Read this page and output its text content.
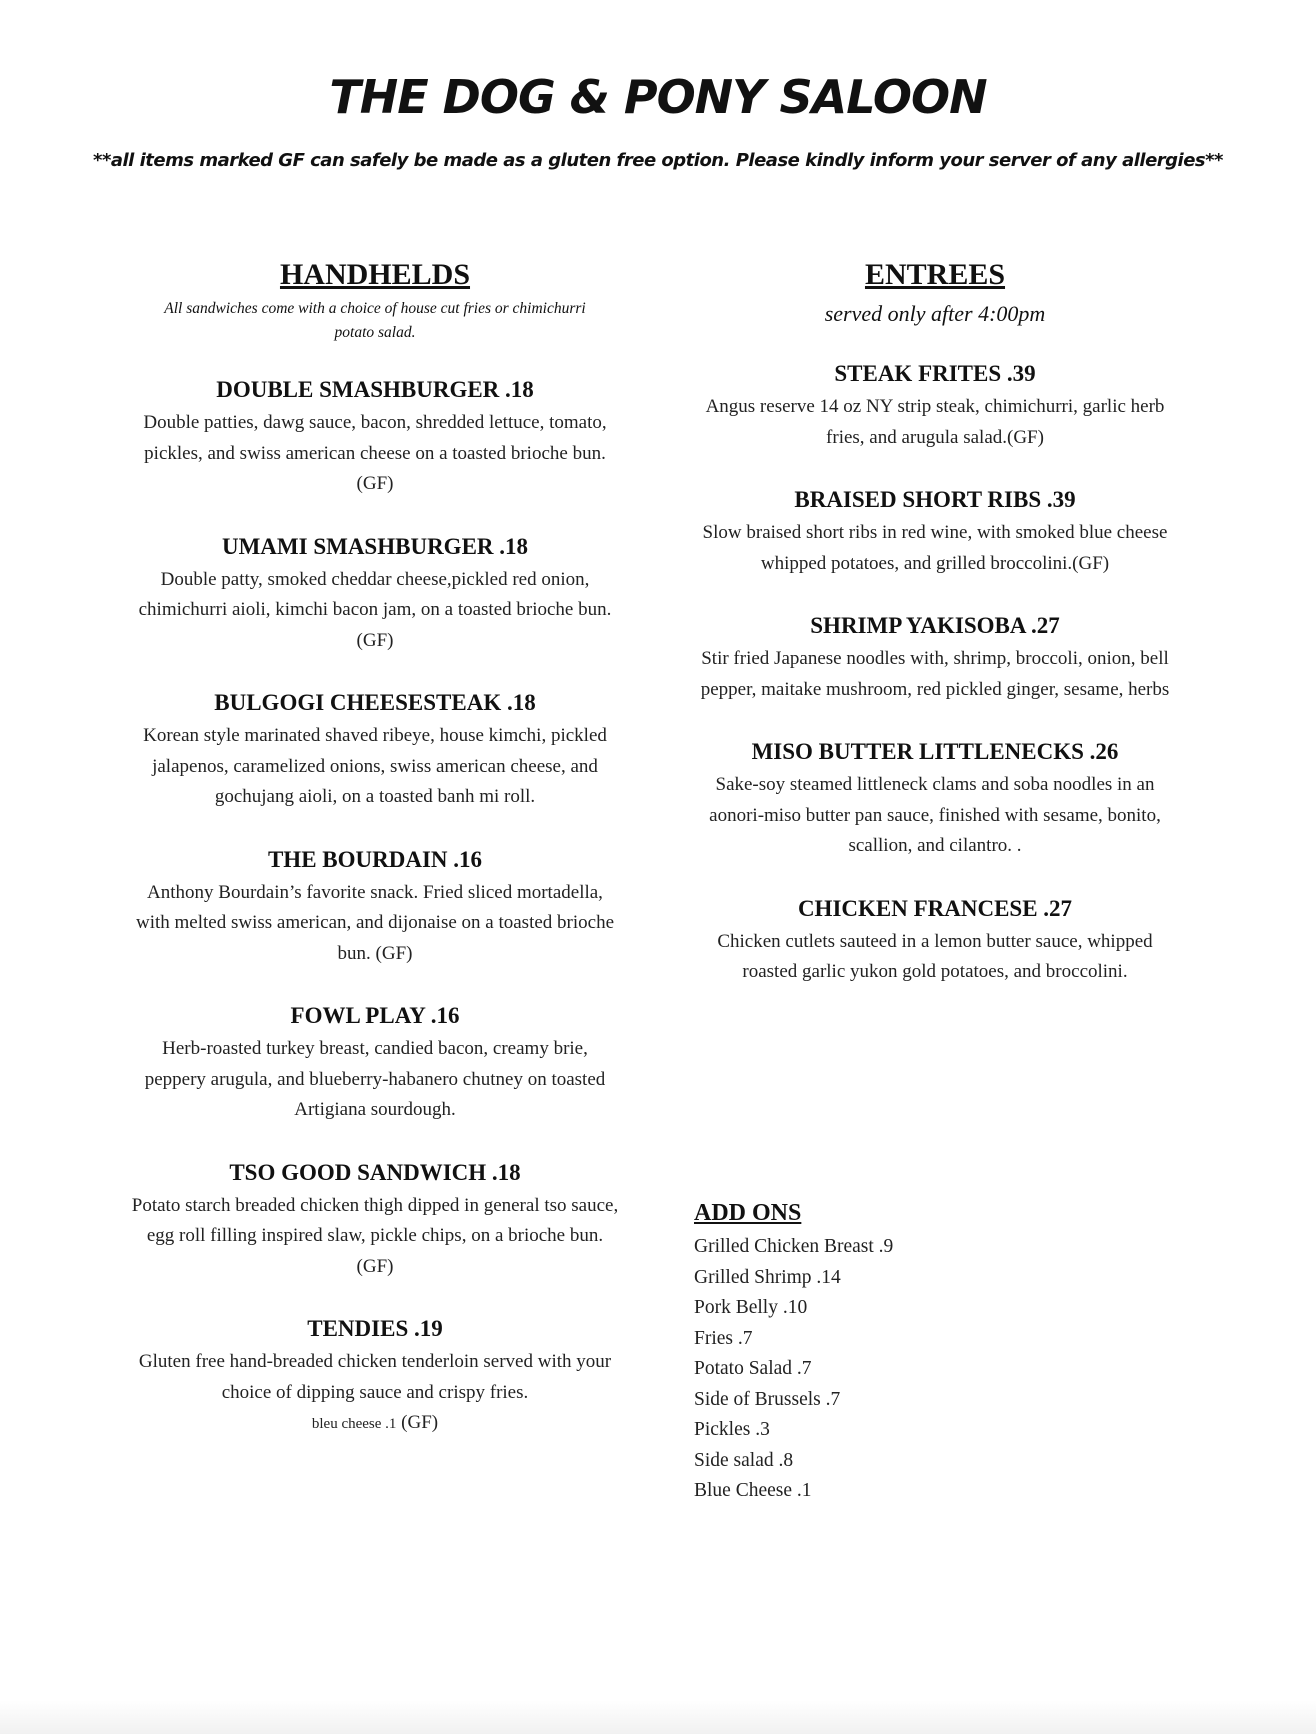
THE DOG & PONY SALOON

**all items marked GF can safely be made as a gluten free option. Please kindly inform your server of any allergies**

HANDHELDS

All sandwiches come with a choice of house cut fries or chimichurri potato salad.

DOUBLE SMASHBURGER .18

Double patties, dawg sauce, bacon, shredded lettuce, tomato, pickles, and swiss american cheese on a toasted brioche bun. (GF)

UMAMI SMASHBURGER .18

Double patty, smoked cheddar cheese,pickled red onion, chimichurri aioli, kimchi bacon jam, on a toasted brioche bun. (GF)

BULGOGI CHEESESTEAK .18

Korean style marinated shaved ribeye, house kimchi, pickled jalapenos, caramelized onions, swiss american cheese, and gochujang aioli, on a toasted banh mi roll.

THE BOURDAIN .16

Anthony Bourdain’s favorite snack. Fried sliced mortadella, with melted swiss american, and dijonaise on a toasted brioche bun. (GF)

FOWL PLAY .16

Herb-roasted turkey breast, candied bacon, creamy brie, peppery arugula, and blueberry-habanero chutney on toasted Artigiana sourdough.

TSO GOOD SANDWICH .18

Potato starch breaded chicken thigh dipped in general tso sauce, egg roll filling inspired slaw, pickle chips, on a brioche bun. (GF)

TENDIES .19

Gluten free hand-breaded chicken tenderloin served with your choice of dipping sauce and crispy fries.
bleu cheese .1 (GF)

ENTREES

served only after 4:00pm

STEAK FRITES .39

Angus reserve 14 oz NY strip steak, chimichurri, garlic herb fries, and arugula salad.(GF)

BRAISED SHORT RIBS .39

Slow braised short ribs in red wine, with smoked blue cheese whipped potatoes, and grilled broccolini.(GF)

SHRIMP YAKISOBA .27

Stir fried Japanese noodles with, shrimp, broccoli, onion, bell pepper, maitake mushroom, red pickled ginger, sesame, herbs

MISO BUTTER LITTLENECKS .26

Sake-soy steamed littleneck clams and soba noodles in an aonori-miso butter pan sauce, finished with sesame, bonito, scallion, and cilantro. .

CHICKEN FRANCESE .27

Chicken cutlets sauteed in a lemon butter sauce, whipped roasted garlic yukon gold potatoes, and broccolini.

ADD ONS
Grilled Chicken Breast .9
Grilled Shrimp .14
Pork Belly .10
Fries .7
Potato Salad .7
Side of Brussels .7
Pickles .3
Side salad .8
Blue Cheese .1
